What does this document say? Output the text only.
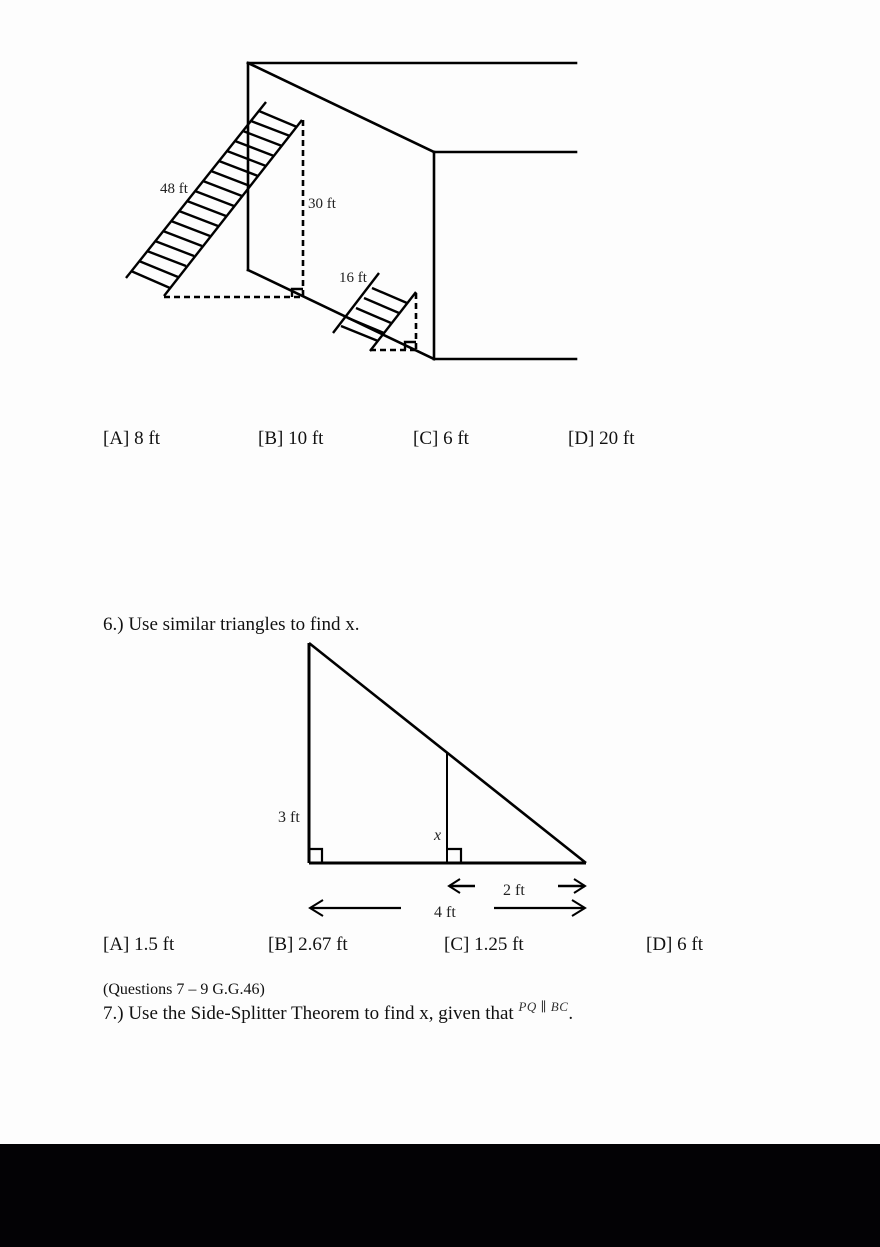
48 ft
30 ft
16 ft
[A] 8 ft	[B] 10 ft	[C] 6 ft	[D] 20 ft
6.) Use similar triangles to find x.
3 ft
x
2 ft
4 ft
[A] 1.5 ft	[B] 2.67 ft	[C] 1.25 ft	[D] 6 ft
(Questions 7 – 9 G.G.46)
7.) Use the Side-Splitter Theorem to find x, given that $^{PQ \parallel BC}$.
